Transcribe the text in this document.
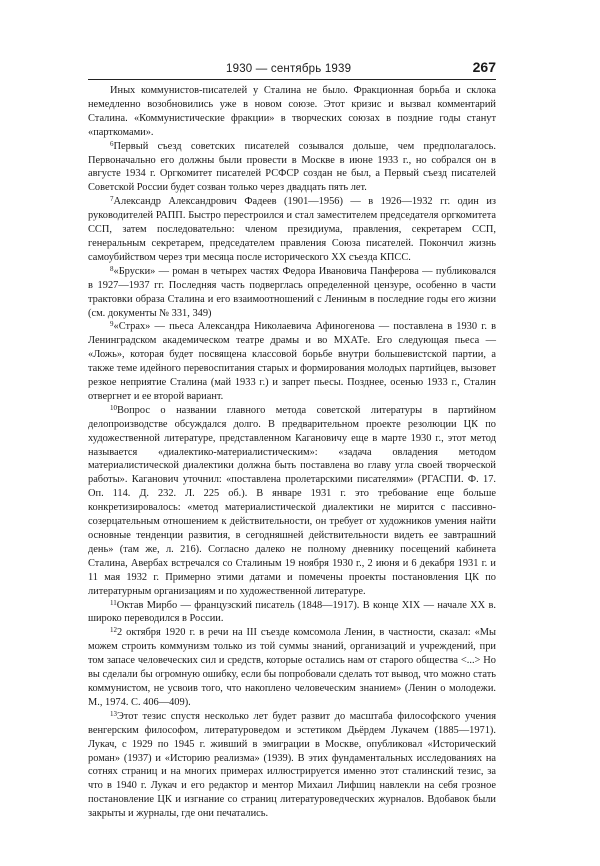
1930 — сентябрь 1939	267

Иных коммунистов-писателей у Сталина не было. Фракционная борьба и склока немедленно возобновились уже в новом союзе. Этот кризис и вызвал комментарий Сталина. «Коммунистические фракции» в творческих союзах в поздние годы станут «парткомами».

$^6$Первый съезд советских писателей созывался дольше, чем предполагалось. Первоначально его должны были провести в Москве в июне 1933 г., но собрался он в августе 1934 г. Оргкомитет писателей РСФСР создан не был, а Первый съезд писателей Советской России будет созван только через двадцать пять лет.

$^7$Александр Александрович Фадеев (1901—1956) — в 1926—1932 гг. один из руководителей РАПП. Быстро перестроился и стал заместителем председателя оргкомитета ССП, затем последовательно: членом президиума, правления, секретарем ССП, генеральным секретарем, председателем правления Союза писателей. Покончил жизнь самоубийством через три месяца после исторического XX съезда КПСС.

$^8$«Бруски» — роман в четырех частях Федора Ивановича Панферова — публиковался в 1927—1937 гг. Последняя часть подверглась определенной цензуре, особенно в части трактовки образа Сталина и его взаимоотношений с Лениным в последние годы его жизни (см. документы № 331, 349)

$^9$«Страх» — пьеса Александра Николаевича Афиногенова — поставлена в 1930 г. в Ленинградском академическом театре драмы и во МХАТе. Его следующая пьеса — «Ложь», которая будет посвящена классовой борьбе внутри большевистской партии, а также теме идейного перевоспитания старых и формирования молодых партийцев, вызовет резкое неприятие Сталина (май 1933 г.) и запрет пьесы. Позднее, осенью 1933 г., Сталин отвергнет и ее второй вариант.

$^{10}$Вопрос о названии главного метода советской литературы в партийном делопроизводстве обсуждался долго. В предварительном проекте резолюции ЦК по художественной литературе, представленном Кагановичу еще в марте 1930 г., этот метод называется «диалектико-материалистическим»: «задача овладения методом материалистической диалектики должна быть поставлена во главу угла своей творческой работы». Каганович уточнил: «поставлена пролетарскими писателями» (РГАСПИ. Ф. 17. Оп. 114. Д. 232. Л. 225 об.). В январе 1931 г. это требование еще больше конкретизировалось: «метод материалистической диалектики не мирится с пассивно-созерцательным отношением к действительности, он требует от художников умения найти основные тенденции развития, в сегодняшней действительности видеть ее завтрашний день» (там же, л. 216). Согласно далеко не полному дневнику посещений кабинета Сталина, Авербах встречался со Сталиным 19 ноября 1930 г., 2 июня и 6 декабря 1931 г. и 11 мая 1932 г. Примерно этими датами и помечены проекты постановления ЦК по литературным организациям и по художественной литературе.

$^{11}$Октав Мирбо — французский писатель (1848—1917). В конце XIX — начале XX в. широко переводился в России.

$^{12}$2 октября 1920 г. в речи на III съезде комсомола Ленин, в частности, сказал: «Мы можем строить коммунизм только из той суммы знаний, организаций и учреждений, при том запасе человеческих сил и средств, которые остались нам от старого общества <...> Но вы сделали бы огромную ошибку, если бы попробовали сделать тот вывод, что можно стать коммунистом, не усвоив того, что накоплено человеческим знанием» (Ленин о молодежи. М., 1974. С. 406—409).

$^{13}$Этот тезис спустя несколько лет будет развит до масштаба философского учения венгерским философом, литературоведом и эстетиком Дьёрдем Лукачем (1885—1971). Лукач, с 1929 по 1945 г. живший в эмиграции в Москве, опубликовал «Исторический роман» (1937) и «Историю реализма» (1939). В этих фундаментальных исследованиях на сотнях страниц и на многих примерах иллюстрируется именно этот сталинский тезис, за что в 1940 г. Лукач и его редактор и ментор Михаил Лифшиц навлекли на себя грозное постановление ЦК и изгнание со страниц литературоведческих журналов. Вдобавок были закрыты и журналы, где они печатались.
